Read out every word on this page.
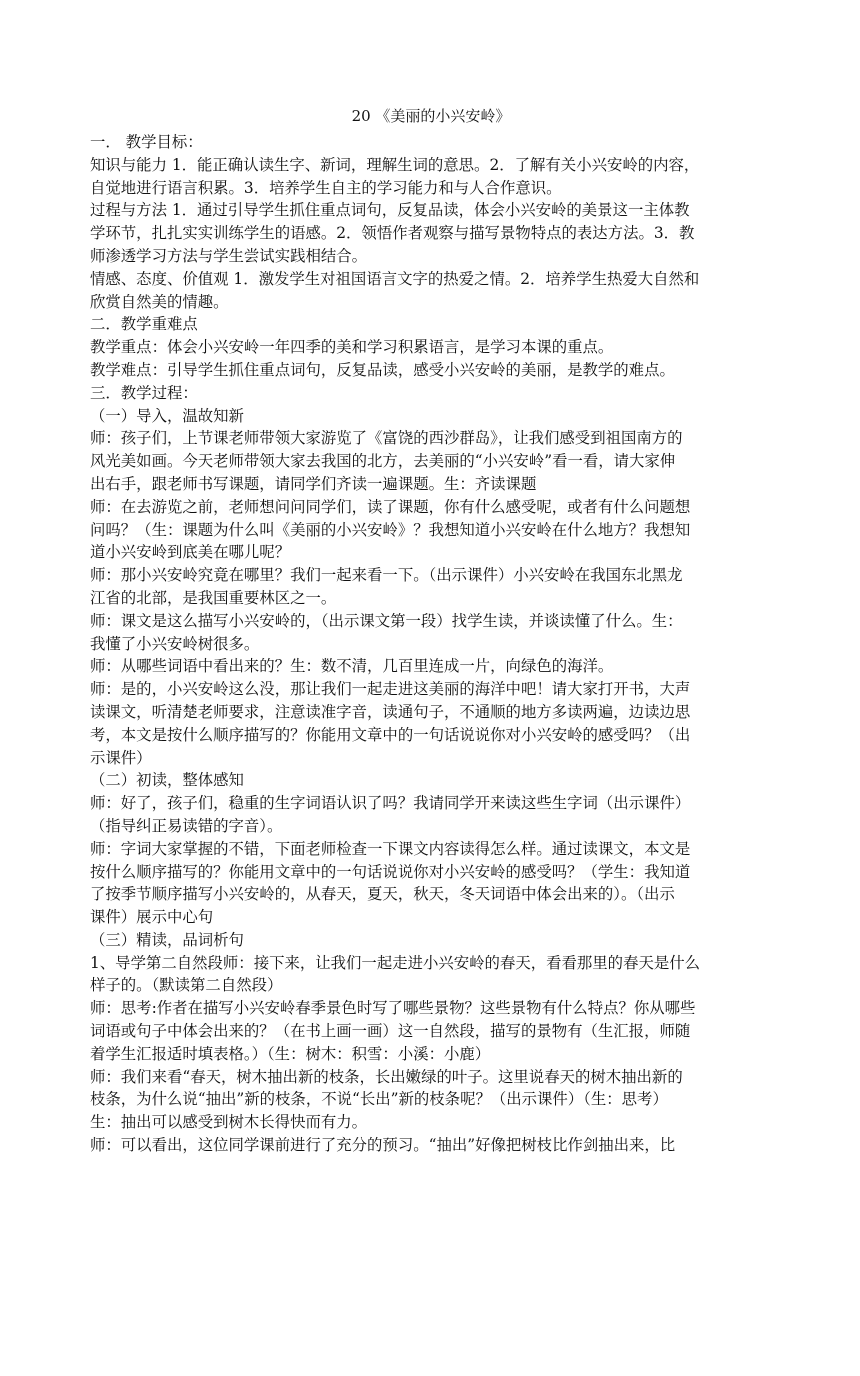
20 《美丽的小兴安岭》
一． 教学目标：
知识与能力 1．能正确认读生字、新词，理解生词的意思。2．了解有关小兴安岭的内容，
自觉地进行语言积累。3．培养学生自主的学习能力和与人合作意识。
过程与方法 1．通过引导学生抓住重点词句，反复品读，体会小兴安岭的美景这一主体教
学环节，扎扎实实训练学生的语感。2．领悟作者观察与描写景物特点的表达方法。3．教
师渗透学习方法与学生尝试实践相结合。
情感、态度、价值观 1．激发学生对祖国语言文字的热爱之情。2．培养学生热爱大自然和
欣赏自然美的情趣。
二．教学重难点
教学重点：体会小兴安岭一年四季的美和学习积累语言，是学习本课的重点。
教学难点：引导学生抓住重点词句，反复品读，感受小兴安岭的美丽，是教学的难点。
三．教学过程：
（一）导入，温故知新
师：孩子们，上节课老师带领大家游览了《富饶的西沙群岛》，让我们感受到祖国南方的
风光美如画。今天老师带领大家去我国的北方，去美丽的“小兴安岭”看一看，请大家伸
出右手，跟老师书写课题，请同学们齐读一遍课题。生：齐读课题
师：在去游览之前，老师想问问同学们，读了课题，你有什么感受呢，或者有什么问题想
问吗？（生：课题为什么叫《美丽的小兴安岭》？我想知道小兴安岭在什么地方？我想知
道小兴安岭到底美在哪儿呢？
师：那小兴安岭究竟在哪里？我们一起来看一下。（出示课件）小兴安岭在我国东北黑龙
江省的北部，是我国重要林区之一。
师：课文是这么描写小兴安岭的，（出示课文第一段）找学生读，并谈读懂了什么。生：
我懂了小兴安岭树很多。
师：从哪些词语中看出来的？生：数不清，几百里连成一片，向绿色的海洋。
师：是的，小兴安岭这么没，那让我们一起走进这美丽的海洋中吧！请大家打开书，大声
读课文，听清楚老师要求，注意读准字音，读通句子，不通顺的地方多读两遍，边读边思
考，本文是按什么顺序描写的？你能用文章中的一句话说说你对小兴安岭的感受吗？（出
示课件）
（二）初读，整体感知
师：好了，孩子们，稳重的生字词语认识了吗？我请同学开来读这些生字词（出示课件）
（指导纠正易读错的字音）。
师：字词大家掌握的不错，下面老师检查一下课文内容读得怎么样。通过读课文，本文是
按什么顺序描写的？你能用文章中的一句话说说你对小兴安岭的感受吗？（学生：我知道
了按季节顺序描写小兴安岭的，从春天，夏天，秋天，冬天词语中体会出来的）。（出示
课件）展示中心句
（三）精读，品词析句
1、导学第二自然段师：接下来，让我们一起走进小兴安岭的春天，看看那里的春天是什么
样子的。（默读第二自然段）
师：思考:作者在描写小兴安岭春季景色时写了哪些景物？这些景物有什么特点？你从哪些
词语或句子中体会出来的？（在书上画一画）这一自然段，描写的景物有（生汇报，师随
着学生汇报适时填表格。）（生：树木：积雪：小溪：小鹿）
师：我们来看“春天，树木抽出新的枝条，长出嫩绿的叶子。这里说春天的树木抽出新的
枝条，为什么说“抽出”新的枝条，不说“长出”新的枝条呢？（出示课件）（生：思考）
生：抽出可以感受到树木长得快而有力。
师：可以看出，这位同学课前进行了充分的预习。“抽出”好像把树枝比作剑抽出来，比
